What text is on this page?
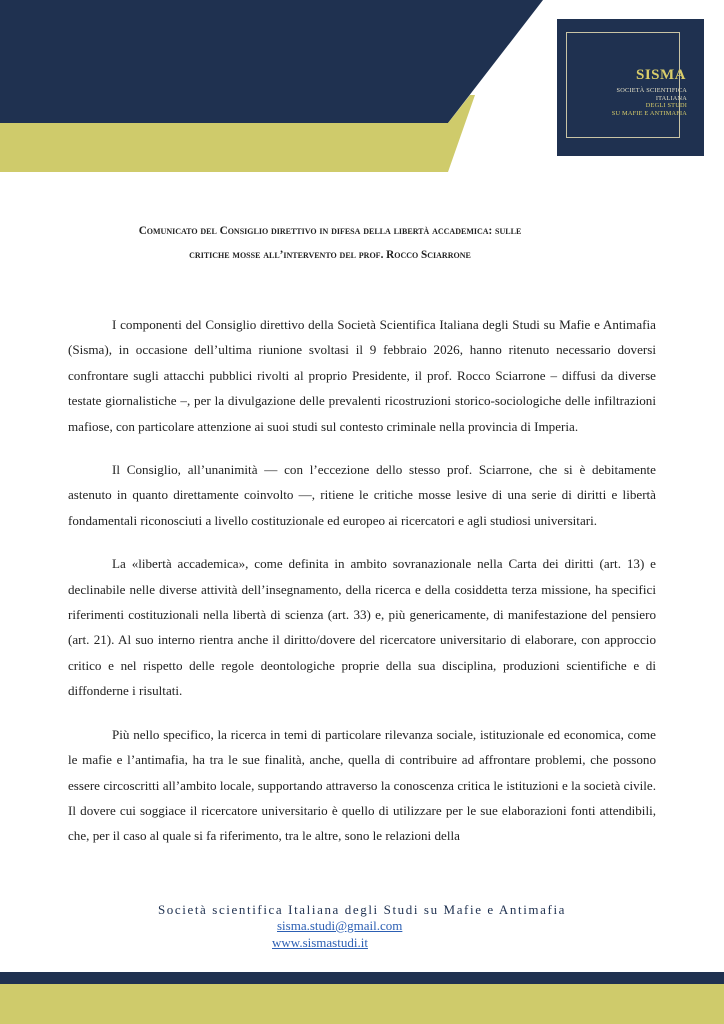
SISMA
SOCIETÀ SCIENTIFICA
ITALIANA
DEGLI STUDI
SU MAFIE E ANTIMAFIA
Comunicato del Consiglio direttivo in difesa della libertà accademica: sulle
critiche mosse all’intervento del prof. Rocco Sciarrone

I componenti del Consiglio direttivo della Società Scientifica Italiana degli Studi su Mafie e Antimafia (Sisma), in occasione dell’ultima riunione svoltasi il 9 febbraio 2026, hanno ritenuto necessario doversi confrontare sugli attacchi pubblici rivolti al proprio Presidente, il prof. Rocco Sciarrone – diffusi da diverse testate giornalistiche –, per la divulgazione delle prevalenti ricostruzioni storico-sociologiche delle infiltrazioni mafiose, con particolare attenzione ai suoi studi sul contesto criminale nella provincia di Imperia.

Il Consiglio, all’unanimità — con l’eccezione dello stesso prof. Sciarrone, che si è debitamente astenuto in quanto direttamente coinvolto —, ritiene le critiche mosse lesive di una serie di diritti e libertà fondamentali riconosciuti a livello costituzionale ed europeo ai ricercatori e agli studiosi universitari.

La «libertà accademica», come definita in ambito sovranazionale nella Carta dei diritti (art. 13) e declinabile nelle diverse attività dell’insegnamento, della ricerca e della cosiddetta terza missione, ha specifici riferimenti costituzionali nella libertà di scienza (art. 33) e, più genericamente, di manifestazione del pensiero (art. 21). Al suo interno rientra anche il diritto/dovere del ricercatore universitario di elaborare, con approccio critico e nel rispetto delle regole deontologiche proprie della sua disciplina, produzioni scientifiche e di diffonderne i risultati.

Più nello specifico, la ricerca in temi di particolare rilevanza sociale, istituzionale ed economica, come le mafie e l’antimafia, ha tra le sue finalità, anche, quella di contribuire ad affrontare problemi, che possono essere circoscritti all’ambito locale, supportando attraverso la conoscenza critica le istituzioni e la società civile. Il dovere cui soggiace il ricercatore universitario è quello di utilizzare per le sue elaborazioni fonti attendibili, che, per il caso al quale si fa riferimento, tra le altre, sono le relazioni della

Società scientifica Italiana degli Studi su Mafie e Antimafia
sisma.studi@gmail.com
www.sismastudi.it
